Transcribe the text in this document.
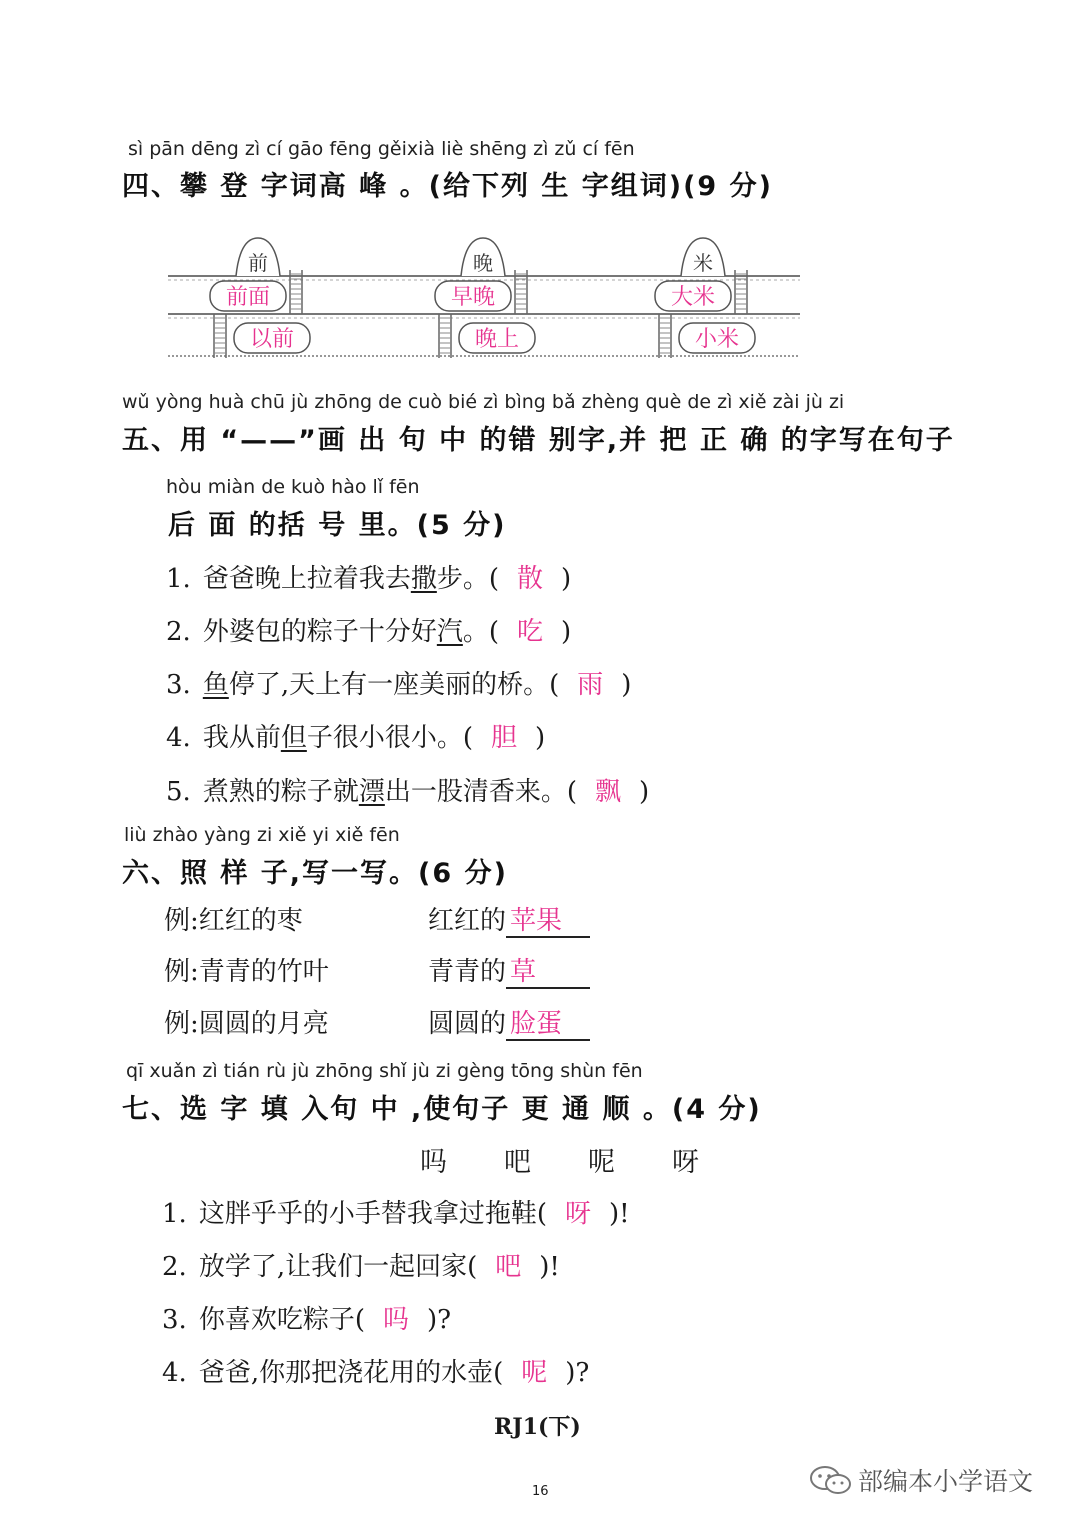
sì pān dēng zì cí gāo fēng gěixià liè shēng zì zǔ cí fēn
四、攀 登 字词高 峰 。(给下列 生 字组词)(9 分)
前
前面
以前
晚
早晚
晚上
米
大米
小米
wǔ yòng huà chū jù zhōng de cuò bié zì bìng bǎ zhèng què de zì xiě zài jù zi
五、用 “——”画 出 句 中 的错 别字,并 把 正 确 的字写在句子
hòu miàn de kuò hào lǐ fēn
后 面 的括 号 里。(5 分)
1. 爸爸晚上拉着我去撒步。( 散 )
2. 外婆包的粽子十分好汽。( 吃 )
3. 鱼停了,天上有一座美丽的桥。( 雨 )
4. 我从前但子很小很小。( 胆 )
5. 煮熟的粽子就漂出一股清香来。( 飘 )
liù zhào yàng zi xiě yi xiě fēn
六、照 样 子,写一写。(6 分)
例:红红的枣	红红的 苹果
例:青青的竹叶	青青的 草
例:圆圆的月亮	圆圆的 脸蛋
qī xuǎn zì tián rù jù zhōng shǐ jù zi gèng tōng shùn fēn
七、选 字 填 入句 中 ,使句子 更 通 顺 。(4 分)
吗 吧 呢 呀
1. 这胖乎乎的小手替我拿过拖鞋( 呀 )!
2. 放学了,让我们一起回家( 吧 )!
3. 你喜欢吃粽子( 吗 )?
4. 爸爸,你那把浇花用的水壶( 呢 )?
RJ1(下)
16	部编本小学语文
